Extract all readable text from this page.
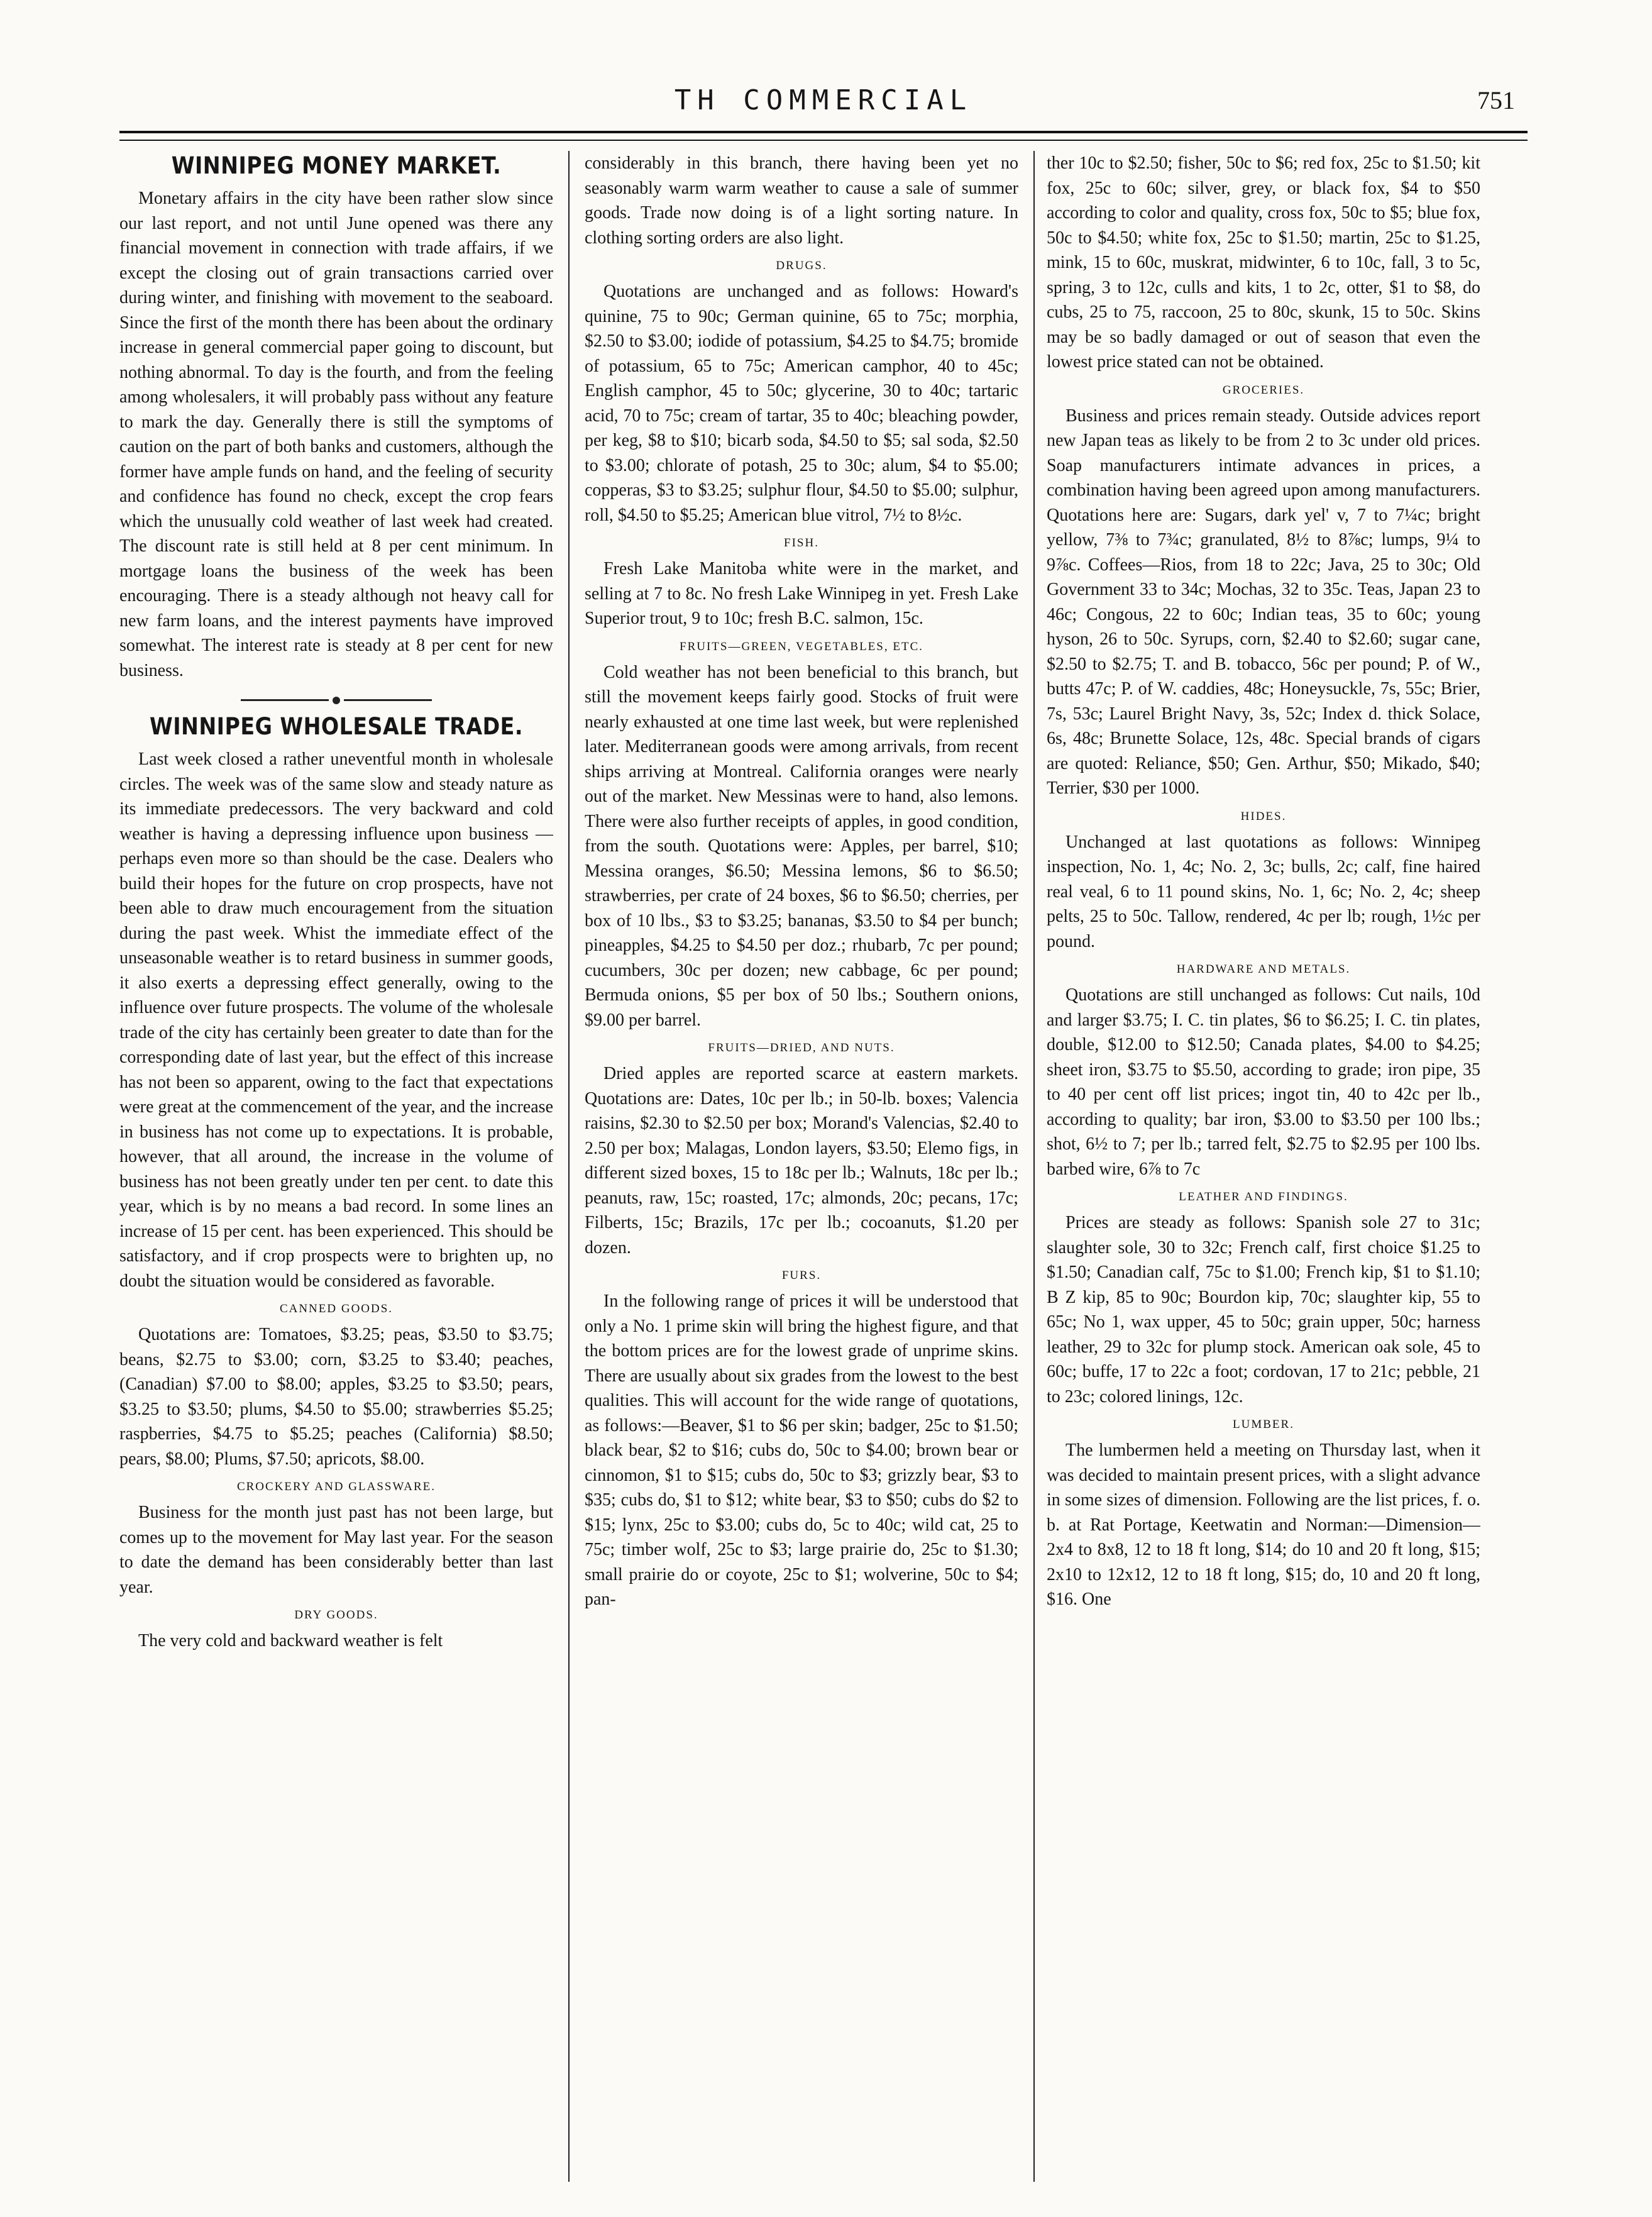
TH COMMERCIAL	751
WINNIPEG MONEY MARKET.

Monetary affairs in the city have been rather slow since our last report, and not until June opened was there any financial movement in connection with trade affairs, if we except the closing out of grain transactions carried over during winter, and finishing with movement to the seaboard. Since the first of the month there has been about the ordinary increase in general commercial paper going to discount, but nothing abnormal. To day is the fourth, and from the feeling among wholesalers, it will probably pass without any feature to mark the day. Generally there is still the symptoms of caution on the part of both banks and customers, although the former have ample funds on hand, and the feeling of security and confidence has found no check, except the crop fears which the unusually cold weather of last week had created. The discount rate is still held at 8 per cent minimum. In mortgage loans the business of the week has been encouraging. There is a steady although not heavy call for new farm loans, and the interest payments have improved somewhat. The interest rate is steady at 8 per cent for new business.

WINNIPEG WHOLESALE TRADE.

Last week closed a rather uneventful month in wholesale circles. The week was of the same slow and steady nature as its immediate predecessors. The very backward and cold weather is having a depressing influence upon business —perhaps even more so than should be the case. Dealers who build their hopes for the future on crop prospects, have not been able to draw much encouragement from the situation during the past week. Whist the immediate effect of the unseasonable weather is to retard business in summer goods, it also exerts a depressing effect generally, owing to the influence over future prospects. The volume of the wholesale trade of the city has certainly been greater to date than for the corresponding date of last year, but the effect of this increase has not been so apparent, owing to the fact that expectations were great at the commencement of the year, and the increase in business has not come up to expectations. It is probable, however, that all around, the increase in the volume of business has not been greatly under ten per cent. to date this year, which is by no means a bad record. In some lines an increase of 15 per cent. has been experienced. This should be satisfactory, and if crop prospects were to brighten up, no doubt the situation would be considered as favorable.

CANNED GOODS.

Quotations are: Tomatoes, $3.25; peas, $3.50 to $3.75; beans, $2.75 to $3.00; corn, $3.25 to $3.40; peaches, (Canadian) $7.00 to $8.00; apples, $3.25 to $3.50; pears, $3.25 to $3.50; plums, $4.50 to $5.00; strawberries $5.25; raspberries, $4.75 to $5.25; peaches (California) $8.50; pears, $8.00; Plums, $7.50; apricots, $8.00.

CROCKERY AND GLASSWARE.

Business for the month just past has not been large, but comes up to the movement for May last year. For the season to date the demand has been considerably better than last year.

DRY GOODS.

The very cold and backward weather is felt

considerably in this branch, there having been yet no seasonably warm warm weather to cause a sale of summer goods. Trade now doing is of a light sorting nature. In clothing sorting orders are also light.

DRUGS.

Quotations are unchanged and as follows: Howard's quinine, 75 to 90c; German quinine, 65 to 75c; morphia, $2.50 to $3.00; iodide of potassium, $4.25 to $4.75; bromide of potassium, 65 to 75c; American camphor, 40 to 45c; English camphor, 45 to 50c; glycerine, 30 to 40c; tartaric acid, 70 to 75c; cream of tartar, 35 to 40c; bleaching powder, per keg, $8 to $10; bicarb soda, $4.50 to $5; sal soda, $2.50 to $3.00; chlorate of potash, 25 to 30c; alum, $4 to $5.00; copperas, $3 to $3.25; sulphur flour, $4.50 to $5.00; sulphur, roll, $4.50 to $5.25; American blue vitrol, 7½ to 8½c.

FISH.

Fresh Lake Manitoba white were in the market, and selling at 7 to 8c. No fresh Lake Winnipeg in yet. Fresh Lake Superior trout, 9 to 10c; fresh B.C. salmon, 15c.

FRUITS—GREEN, VEGETABLES, ETC.

Cold weather has not been beneficial to this branch, but still the movement keeps fairly good. Stocks of fruit were nearly exhausted at one time last week, but were replenished later. Mediterranean goods were among arrivals, from recent ships arriving at Montreal. California oranges were nearly out of the market. New Messinas were to hand, also lemons. There were also further receipts of apples, in good condition, from the south. Quotations were: Apples, per barrel, $10; Messina oranges, $6.50; Messina lemons, $6 to $6.50; strawberries, per crate of 24 boxes, $6 to $6.50; cherries, per box of 10 lbs., $3 to $3.25; bananas, $3.50 to $4 per bunch; pineapples, $4.25 to $4.50 per doz.; rhubarb, 7c per pound; cucumbers, 30c per dozen; new cabbage, 6c per pound; Bermuda onions, $5 per box of 50 lbs.; Southern onions, $9.00 per barrel.

FRUITS—DRIED, AND NUTS.

Dried apples are reported scarce at eastern markets. Quotations are: Dates, 10c per lb.; in 50-lb. boxes; Valencia raisins, $2.30 to $2.50 per box; Morand's Valencias, $2.40 to 2.50 per box; Malagas, London layers, $3.50; Elemo figs, in different sized boxes, 15 to 18c per lb.; Walnuts, 18c per lb.; peanuts, raw, 15c; roasted, 17c; almonds, 20c; pecans, 17c; Filberts, 15c; Brazils, 17c per lb.; cocoanuts, $1.20 per dozen.

FURS.

In the following range of prices it will be understood that only a No. 1 prime skin will bring the highest figure, and that the bottom prices are for the lowest grade of unprime skins. There are usually about six grades from the lowest to the best qualities. This will account for the wide range of quotations, as follows:—Beaver, $1 to $6 per skin; badger, 25c to $1.50; black bear, $2 to $16; cubs do, 50c to $4.00; brown bear or cinnomon, $1 to $15; cubs do, 50c to $3; grizzly bear, $3 to $35; cubs do, $1 to $12; white bear, $3 to $50; cubs do $2 to $15; lynx, 25c to $3.00; cubs do, 5c to 40c; wild cat, 25 to 75c; timber wolf, 25c to $3; large prairie do, 25c to $1.30; small prairie do or coyote, 25c to $1; wolverine, 50c to $4; pan-

ther 10c to $2.50; fisher, 50c to $6; red fox, 25c to $1.50; kit fox, 25c to 60c; silver, grey, or black fox, $4 to $50 according to color and quality, cross fox, 50c to $5; blue fox, 50c to $4.50; white fox, 25c to $1.50; martin, 25c to $1.25, mink, 15 to 60c, muskrat, midwinter, 6 to 10c, fall, 3 to 5c, spring, 3 to 12c, culls and kits, 1 to 2c, otter, $1 to $8, do cubs, 25 to 75, raccoon, 25 to 80c, skunk, 15 to 50c. Skins may be so badly damaged or out of season that even the lowest price stated can not be obtained.

GROCERIES.

Business and prices remain steady. Outside advices report new Japan teas as likely to be from 2 to 3c under old prices. Soap manufacturers intimate advances in prices, a combination having been agreed upon among manufacturers. Quotations here are: Sugars, dark yel' v, 7 to 7¼c; bright yellow, 7⅜ to 7¾c; granulated, 8½ to 8⅞c; lumps, 9¼ to 9⅞c. Coffees—Rios, from 18 to 22c; Java, 25 to 30c; Old Government 33 to 34c; Mochas, 32 to 35c. Teas, Japan 23 to 46c; Congous, 22 to 60c; Indian teas, 35 to 60c; young hyson, 26 to 50c. Syrups, corn, $2.40 to $2.60; sugar cane, $2.50 to $2.75; T. and B. tobacco, 56c per pound; P. of W., butts 47c; P. of W. caddies, 48c; Honeysuckle, 7s, 55c; Brier, 7s, 53c; Laurel Bright Navy, 3s, 52c; Index d. thick Solace, 6s, 48c; Brunette Solace, 12s, 48c. Special brands of cigars are quoted: Reliance, $50; Gen. Arthur, $50; Mikado, $40; Terrier, $30 per 1000.

HIDES.

Unchanged at last quotations as follows: Winnipeg inspection, No. 1, 4c; No. 2, 3c; bulls, 2c; calf, fine haired real veal, 6 to 11 pound skins, No. 1, 6c; No. 2, 4c; sheep pelts, 25 to 50c. Tallow, rendered, 4c per lb; rough, 1½c per pound.

HARDWARE AND METALS.

Quotations are still unchanged as follows: Cut nails, 10d and larger $3.75; I. C. tin plates, $6 to $6.25; I. C. tin plates, double, $12.00 to $12.50; Canada plates, $4.00 to $4.25; sheet iron, $3.75 to $5.50, according to grade; iron pipe, 35 to 40 per cent off list prices; ingot tin, 40 to 42c per lb., according to quality; bar iron, $3.00 to $3.50 per 100 lbs.; shot, 6½ to 7; per lb.; tarred felt, $2.75 to $2.95 per 100 lbs. barbed wire, 6⅞ to 7c

LEATHER AND FINDINGS.

Prices are steady as follows: Spanish sole 27 to 31c; slaughter sole, 30 to 32c; French calf, first choice $1.25 to $1.50; Canadian calf, 75c to $1.00; French kip, $1 to $1.10; B Z kip, 85 to 90c; Bourdon kip, 70c; slaughter kip, 55 to 65c; No 1, wax upper, 45 to 50c; grain upper, 50c; harness leather, 29 to 32c for plump stock. American oak sole, 45 to 60c; buffe, 17 to 22c a foot; cordovan, 17 to 21c; pebble, 21 to 23c; colored linings, 12c.

LUMBER.

The lumbermen held a meeting on Thursday last, when it was decided to maintain present prices, with a slight advance in some sizes of dimension. Following are the list prices, f. o. b. at Rat Portage, Keetwatin and Norman:—Dimension—2x4 to 8x8, 12 to 18 ft long, $14; do 10 and 20 ft long, $15; 2x10 to 12x12, 12 to 18 ft long, $15; do, 10 and 20 ft long, $16. One
